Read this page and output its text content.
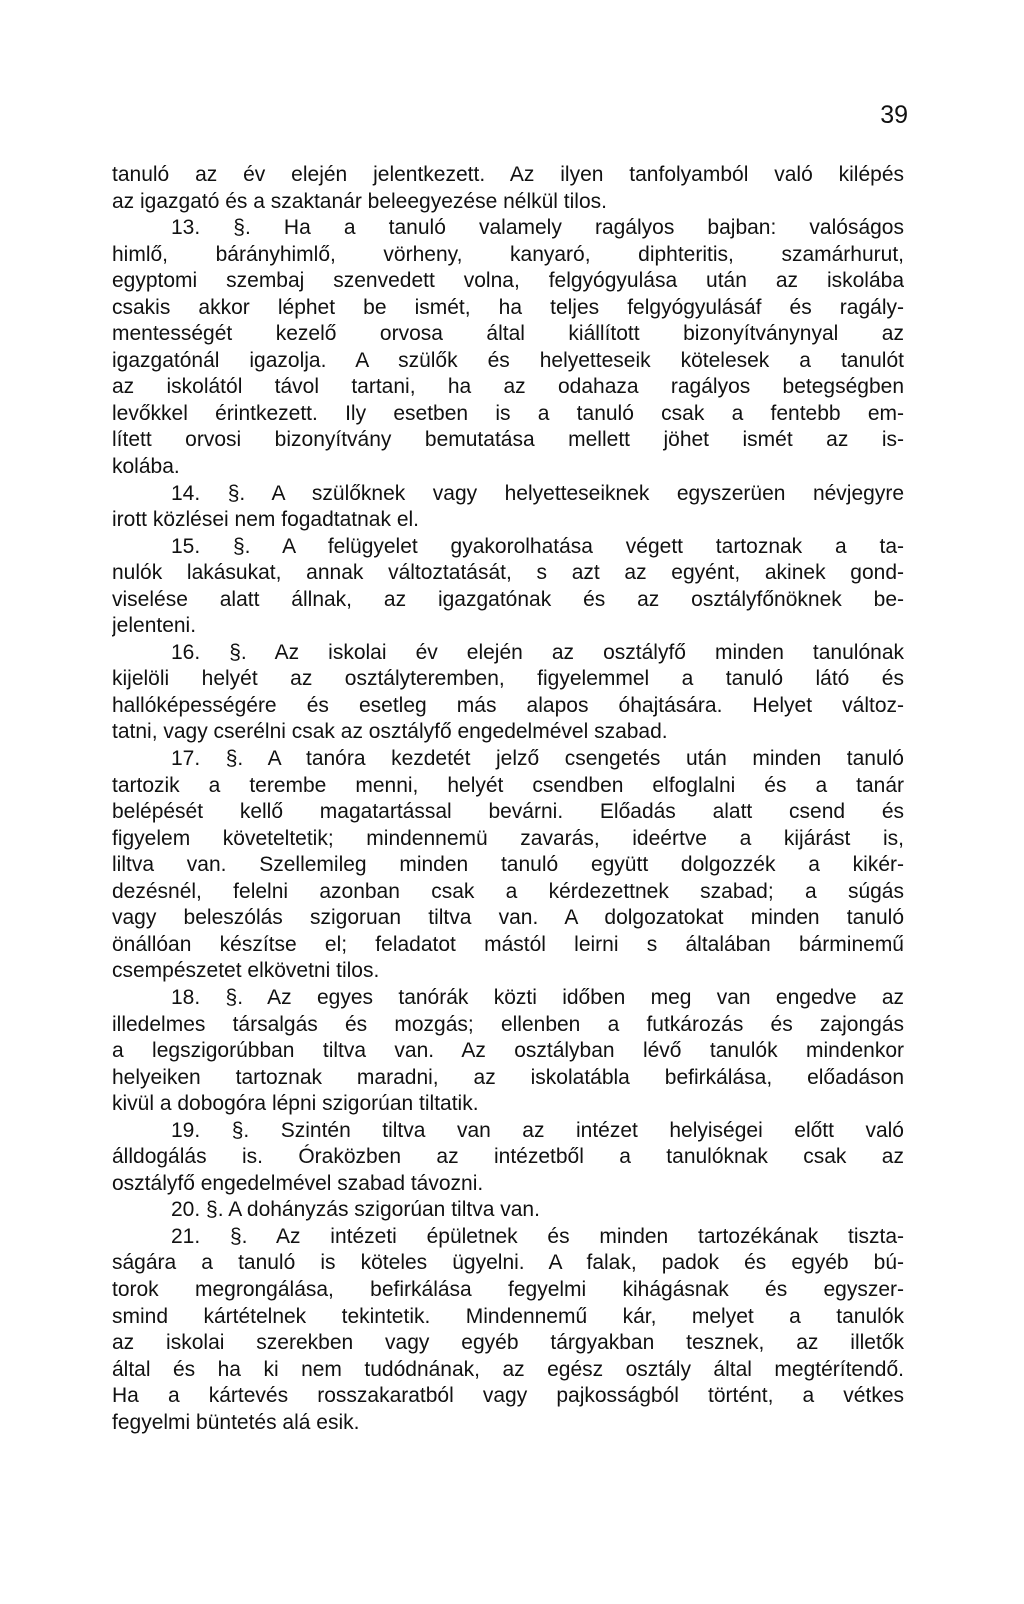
39
tanuló az év elején jelentkezett. Az ilyen tanfolyamból való kilépés
az igazgató és a szaktanár beleegyezése nélkül tilos.
13. §. Ha a tanuló valamely ragályos bajban: valóságos
himlő, bárányhimlő, vörheny, kanyaró, diphteritis, szamárhurut,
egyptomi szembaj szenvedett volna, felgyógyulása után az iskolába
csakis akkor léphet be ismét, ha teljes felgyógyulásáf és ragály-
mentességét kezelő orvosa által kiállított bizonyítványnyal az
igazgatónál igazolja. A szülők és helyetteseik kötelesek a tanulót
az iskolától távol tartani, ha az odahaza ragályos betegségben
levőkkel érintkezett. Ily esetben is a tanuló csak a fentebb em-
lített orvosi bizonyítvány bemutatása mellett jöhet ismét az is-
kolába.
14. §. A szülőknek vagy helyetteseiknek egyszerüen névjegyre
irott közlései nem fogadtatnak el.
15. §. A felügyelet gyakorolhatása végett tartoznak a ta-
nulók lakásukat, annak változtatását, s azt az egyént, akinek gond-
viselése alatt állnak, az igazgatónak és az osztályfőnöknek be-
jelenteni.
16. §. Az iskolai év elején az osztályfő minden tanulónak
kijelöli helyét az osztályteremben, figyelemmel a tanuló látó és
hallóképességére és esetleg más alapos óhajtására. Helyet változ-
tatni, vagy cserélni csak az osztályfő engedelmével szabad.
17. §. A tanóra kezdetét jelző csengetés után minden tanuló
tartozik a terembe menni, helyét csendben elfoglalni és a tanár
belépését kellő magatartással bevárni. Előadás alatt csend és
figyelem követeltetik; mindennemü zavarás, ideértve a kijárást is,
liltva van. Szellemileg minden tanuló együtt dolgozzék a kikér-
dezésnél, felelni azonban csak a kérdezettnek szabad; a súgás
vagy beleszólás szigoruan tiltva van. A dolgozatokat minden tanuló
önállóan készítse el; feladatot mástól leirni s általában bárminemű
csempészetet elkövetni tilos.
18. §. Az egyes tanórák közti időben meg van engedve az
illedelmes társalgás és mozgás; ellenben a futkározás és zajongás
a legszigorúbban tiltva van. Az osztályban lévő tanulók mindenkor
helyeiken tartoznak maradni, az iskolatábla befirkálása, előadáson
kivül a dobogóra lépni szigorúan tiltatik.
19. §. Szintén tiltva van az intézet helyiségei előtt való
álldogálás is. Óraközben az intézetből a tanulóknak csak az
osztályfő engedelmével szabad távozni.
20. §. A dohányzás szigorúan tiltva van.
21. §. Az intézeti épületnek és minden tartozékának tiszta-
ságára a tanuló is köteles ügyelni. A falak, padok és egyéb bú-
torok megrongálása, befirkálása fegyelmi kihágásnak és egyszer-
smind kártételnek tekintetik. Mindennemű kár, melyet a tanulók
az iskolai szerekben vagy egyéb tárgyakban tesznek, az illetők
által és ha ki nem tudódnának, az egész osztály által megtérítendő.
Ha a kártevés rosszakaratból vagy pajkosságból történt, a vétkes
fegyelmi büntetés alá esik.
